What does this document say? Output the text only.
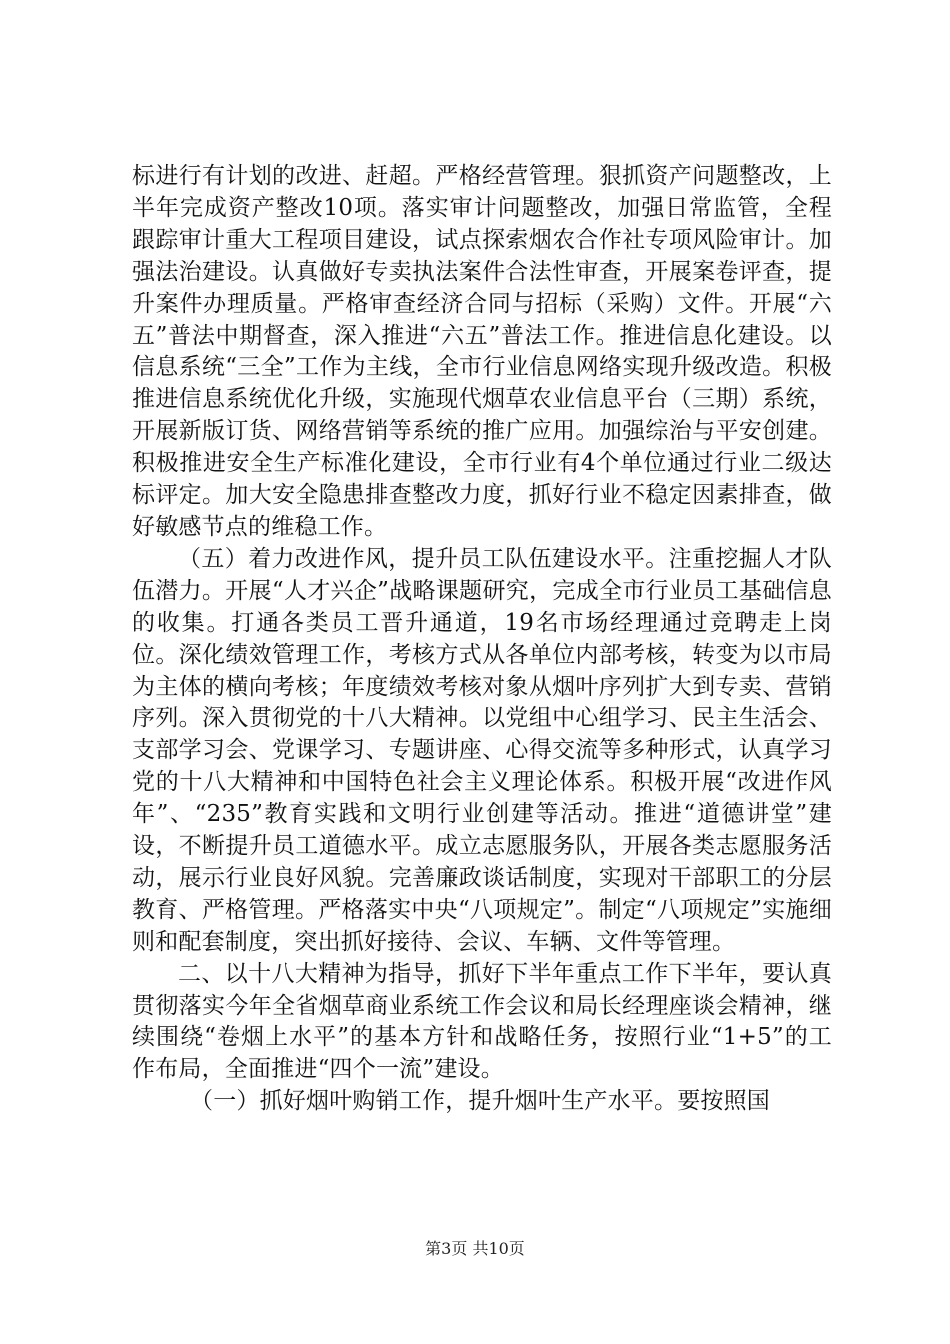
标进行有计划的改进、赶超。严格经营管理。狠抓资产问题整改，上半年完成资产整改10项。落实审计问题整改，加强日常监管，全程跟踪审计重大工程项目建设，试点探索烟农合作社专项风险审计。加强法治建设。认真做好专卖执法案件合法性审查，开展案卷评查，提升案件办理质量。严格审查经济合同与招标（采购）文件。开展“六五”普法中期督查，深入推进“六五”普法工作。推进信息化建设。以信息系统“三全”工作为主线，全市行业信息网络实现升级改造。积极推进信息系统优化升级，实施现代烟草农业信息平台（三期）系统，开展新版订货、网络营销等系统的推广应用。加强综治与平安创建。积极推进安全生产标准化建设，全市行业有4个单位通过行业二级达标评定。加大安全隐患排查整改力度，抓好行业不稳定因素排查，做好敏感节点的维稳工作。

（五）着力改进作风，提升员工队伍建设水平。注重挖掘人才队伍潜力。开展“人才兴企”战略课题研究，完成全市行业员工基础信息的收集。打通各类员工晋升通道，19名市场经理通过竞聘走上岗位。深化绩效管理工作，考核方式从各单位内部考核，转变为以市局为主体的横向考核；年度绩效考核对象从烟叶序列扩大到专卖、营销序列。深入贯彻党的十八大精神。以党组中心组学习、民主生活会、支部学习会、党课学习、专题讲座、心得交流等多种形式，认真学习党的十八大精神和中国特色社会主义理论体系。积极开展“改进作风年”、“235”教育实践和文明行业创建等活动。推进“道德讲堂”建设，不断提升员工道德水平。成立志愿服务队，开展各类志愿服务活动，展示行业良好风貌。完善廉政谈话制度，实现对干部职工的分层教育、严格管理。严格落实中央“八项规定”。制定“八项规定”实施细则和配套制度，突出抓好接待、会议、车辆、文件等管理。

二、以十八大精神为指导，抓好下半年重点工作下半年，要认真贯彻落实今年全省烟草商业系统工作会议和局长经理座谈会精神，继续围绕“卷烟上水平”的基本方针和战略任务，按照行业“1+5”的工作布局，全面推进“四个一流”建设。

（一）抓好烟叶购销工作，提升烟叶生产水平。要按照国

第3页 共10页
